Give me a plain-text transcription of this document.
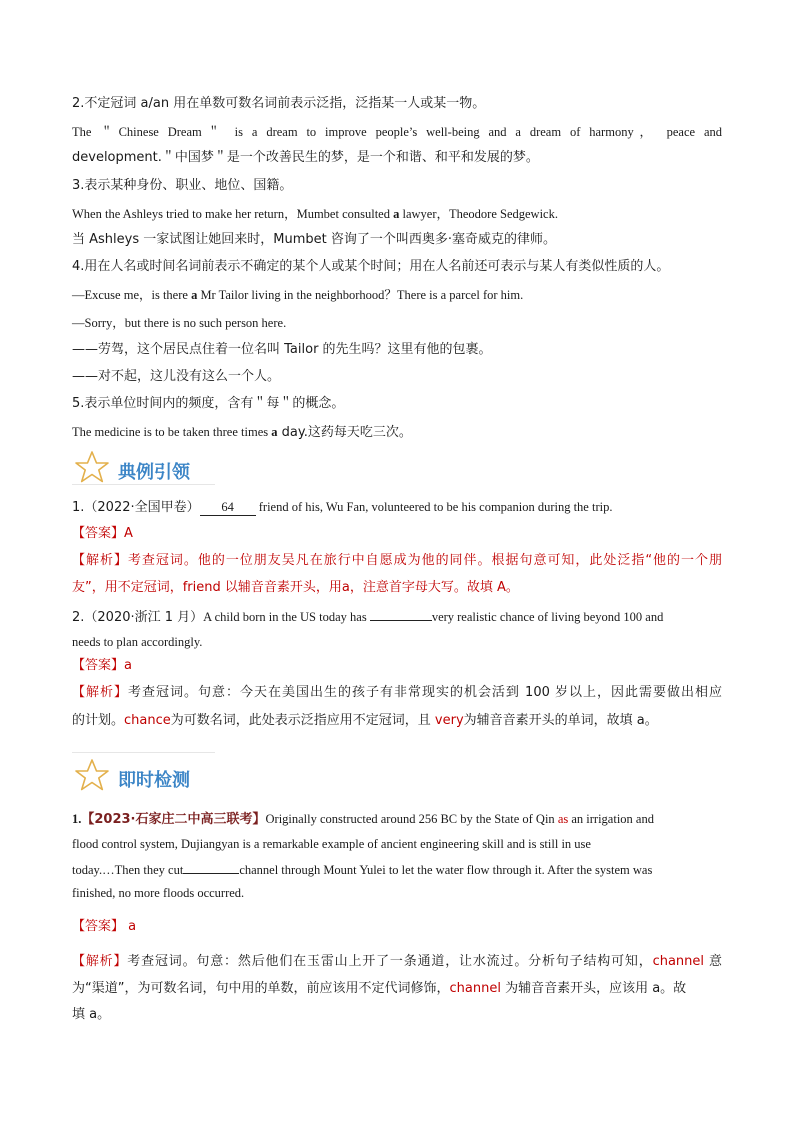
2.不定冠词 a/an 用在单数可数名词前表示泛指，泛指某一人或某一物。
The ＂Chinese Dream＂ is a dream to improve people’s well-being and a dream of harmony， peace and
development.＂中国梦＂是一个改善民生的梦，是一个和谐、和平和发展的梦。
3.表示某种身份、职业、地位、国籍。
When the Ashleys tried to make her return，Mumbet consulted a lawyer，Theodore Sedgewick.
当 Ashleys 一家试图让她回来时，Mumbet 咨询了一个叫西奥多·塞奇威克的律师。
4.用在人名或时间名词前表示不确定的某个人或某个时间；用在人名前还可表示与某人有类似性质的人。
—Excuse me，is there a Mr Tailor living in the neighborhood？There is a parcel for him.
—Sorry，but there is no such person here.
——劳驾，这个居民点住着一位名叫 Tailor 的先生吗？这里有他的包裹。
——对不起，这儿没有这么一个人。
5.表示单位时间内的频度，含有＂每＂的概念。
The medicine is to be taken three times a day.这药每天吃三次。
典例引领
1.（2022·全国甲卷） 64 friend of his, Wu Fan, volunteered to be his companion during the trip.
【答案】A
【解析】考查冠词。他的一位朋友吴凡在旅行中自愿成为他的同伴。根据句意可知，此处泛指“他的一个朋
友”，用不定冠词，friend 以辅音音素开头，用a，注意首字母大写。故填 A。
2.（2020·浙江 1 月）A child born in the US today has	very realistic chance of living beyond 100 and
needs to plan accordingly.
【答案】a
【解析】考查冠词。句意：今天在美国出生的孩子有非常现实的机会活到 100 岁以上，因此需要做出相应
的计划。chance为可数名词，此处表示泛指应用不定冠词，且 very为辅音音素开头的单词，故填 a。
即时检测
1.【2023·石家庄二中高三联考】Originally constructed around 256 BC by the State of Qin as an irrigation and
flood control system, Dujiangyan is a remarkable example of ancient engineering skill and is still in use
today.…Then they cut	channel through Mount Yulei to let the water flow through it. After the system was
finished, no more floods occurred.
【答案】 a
【解析】考查冠词。句意：然后他们在玉雷山上开了一条通道，让水流过。分析句子结构可知，channel 意
为“渠道”，为可数名词，句中用的单数，前应该用不定代词修饰，channel 为辅音音素开头，应该用 a。故
填 a。
